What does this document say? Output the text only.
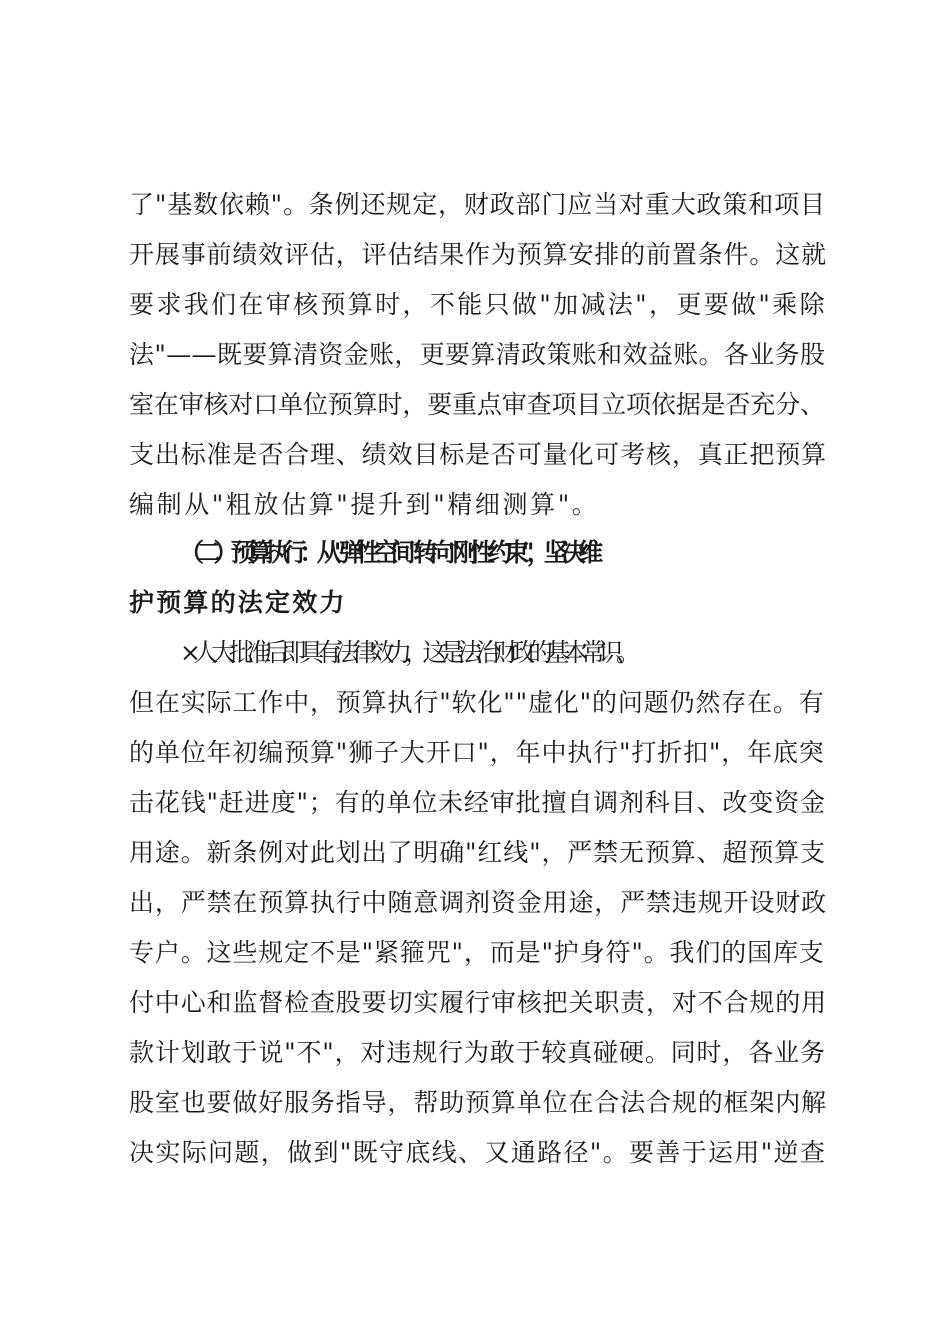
了"基数依赖"。条例还规定，财政部门应当对重大政策和项目
开展事前绩效评估，评估结果作为预算安排的前置条件。这就
要求我们在审核预算时，不能只做"加减法"，更要做"乘除
法"——既要算清资金账，更要算清政策账和效益账。各业务股
室在审核对口单位预算时，要重点审查项目立项依据是否充分、
支出标准是否合理、绩效目标是否可量化可考核，真正把预算
编制从"粗放估算"提升到"精细测算"。
（二）预算执行：从"弹性空间"转向"刚性约束"，坚决维
护预算的法定效力
×人大批准后即具有法律效力，这是法治财政的基本常识。
但在实际工作中，预算执行"软化""虚化"的问题仍然存在。有
的单位年初编预算"狮子大开口"，年中执行"打折扣"，年底突
击花钱"赶进度"；有的单位未经审批擅自调剂科目、改变资金
用途。新条例对此划出了明确"红线"，严禁无预算、超预算支
出，严禁在预算执行中随意调剂资金用途，严禁违规开设财政
专户。这些规定不是"紧箍咒"，而是"护身符"。我们的国库支
付中心和监督检查股要切实履行审核把关职责，对不合规的用
款计划敢于说"不"，对违规行为敢于较真碰硬。同时，各业务
股室也要做好服务指导，帮助预算单位在合法合规的框架内解
决实际问题，做到"既守底线、又通路径"。要善于运用"逆查
